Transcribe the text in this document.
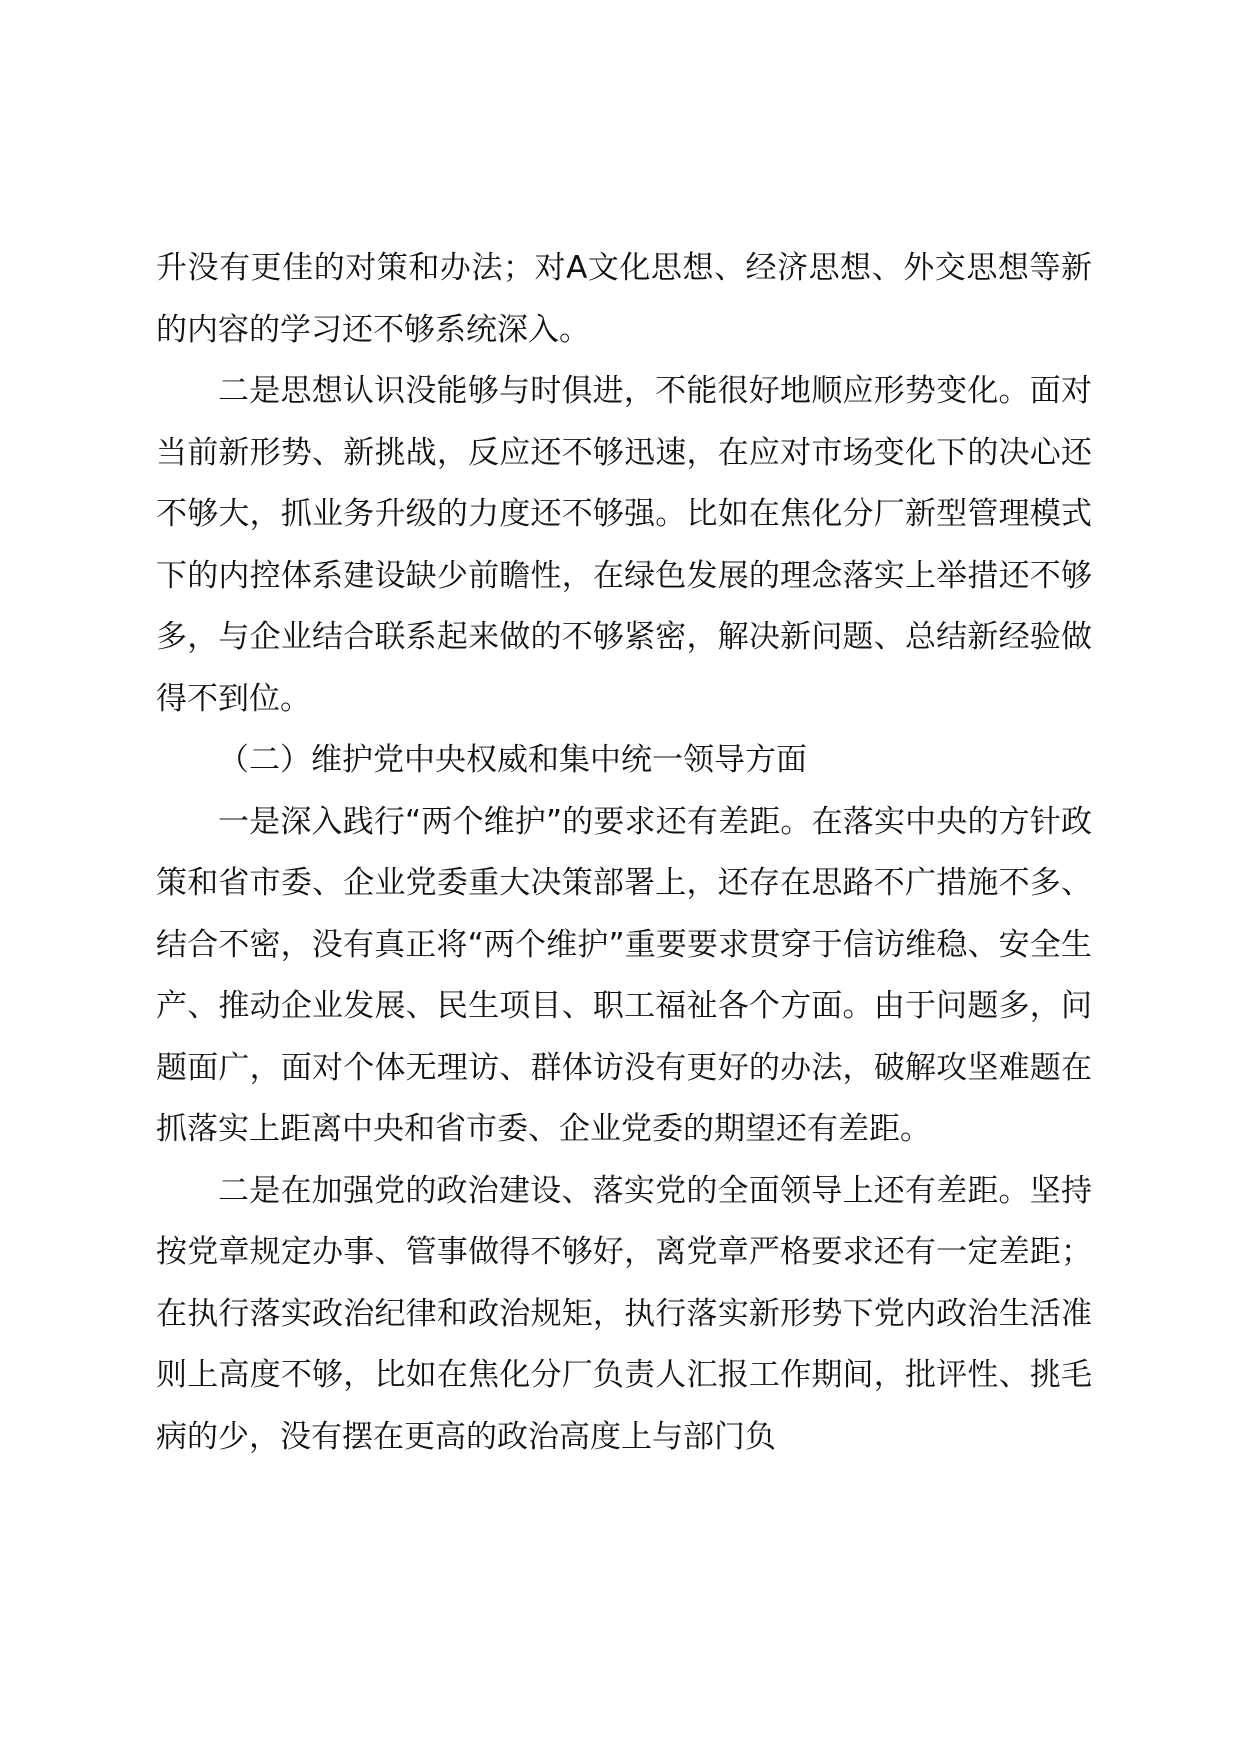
升没有更佳的对策和办法；对A文化思想、经济思想、外交思想等新的内容的学习还不够系统深入。

二是思想认识没能够与时俱进，不能很好地顺应形势变化。面对当前新形势、新挑战，反应还不够迅速，在应对市场变化下的决心还不够大，抓业务升级的力度还不够强。比如在焦化分厂新型管理模式下的内控体系建设缺少前瞻性，在绿色发展的理念落实上举措还不够多，与企业结合联系起来做的不够紧密，解决新问题、总结新经验做得不到位。

（二）维护党中央权威和集中统一领导方面

一是深入践行“两个维护”的要求还有差距。在落实中央的方针政策和省市委、企业党委重大决策部署上，还存在思路不广措施不多、结合不密，没有真正将“两个维护”重要要求贯穿于信访维稳、安全生产、推动企业发展、民生项目、职工福祉各个方面。由于问题多，问题面广，面对个体无理访、群体访没有更好的办法，破解攻坚难题在抓落实上距离中央和省市委、企业党委的期望还有差距。

二是在加强党的政治建设、落实党的全面领导上还有差距。坚持按党章规定办事、管事做得不够好，离党章严格要求还有一定差距；在执行落实政治纪律和政治规矩，执行落实新形势下党内政治生活准则上高度不够，比如在焦化分厂负责人汇报工作期间，批评性、挑毛病的少，没有摆在更高的政治高度上与部门负
